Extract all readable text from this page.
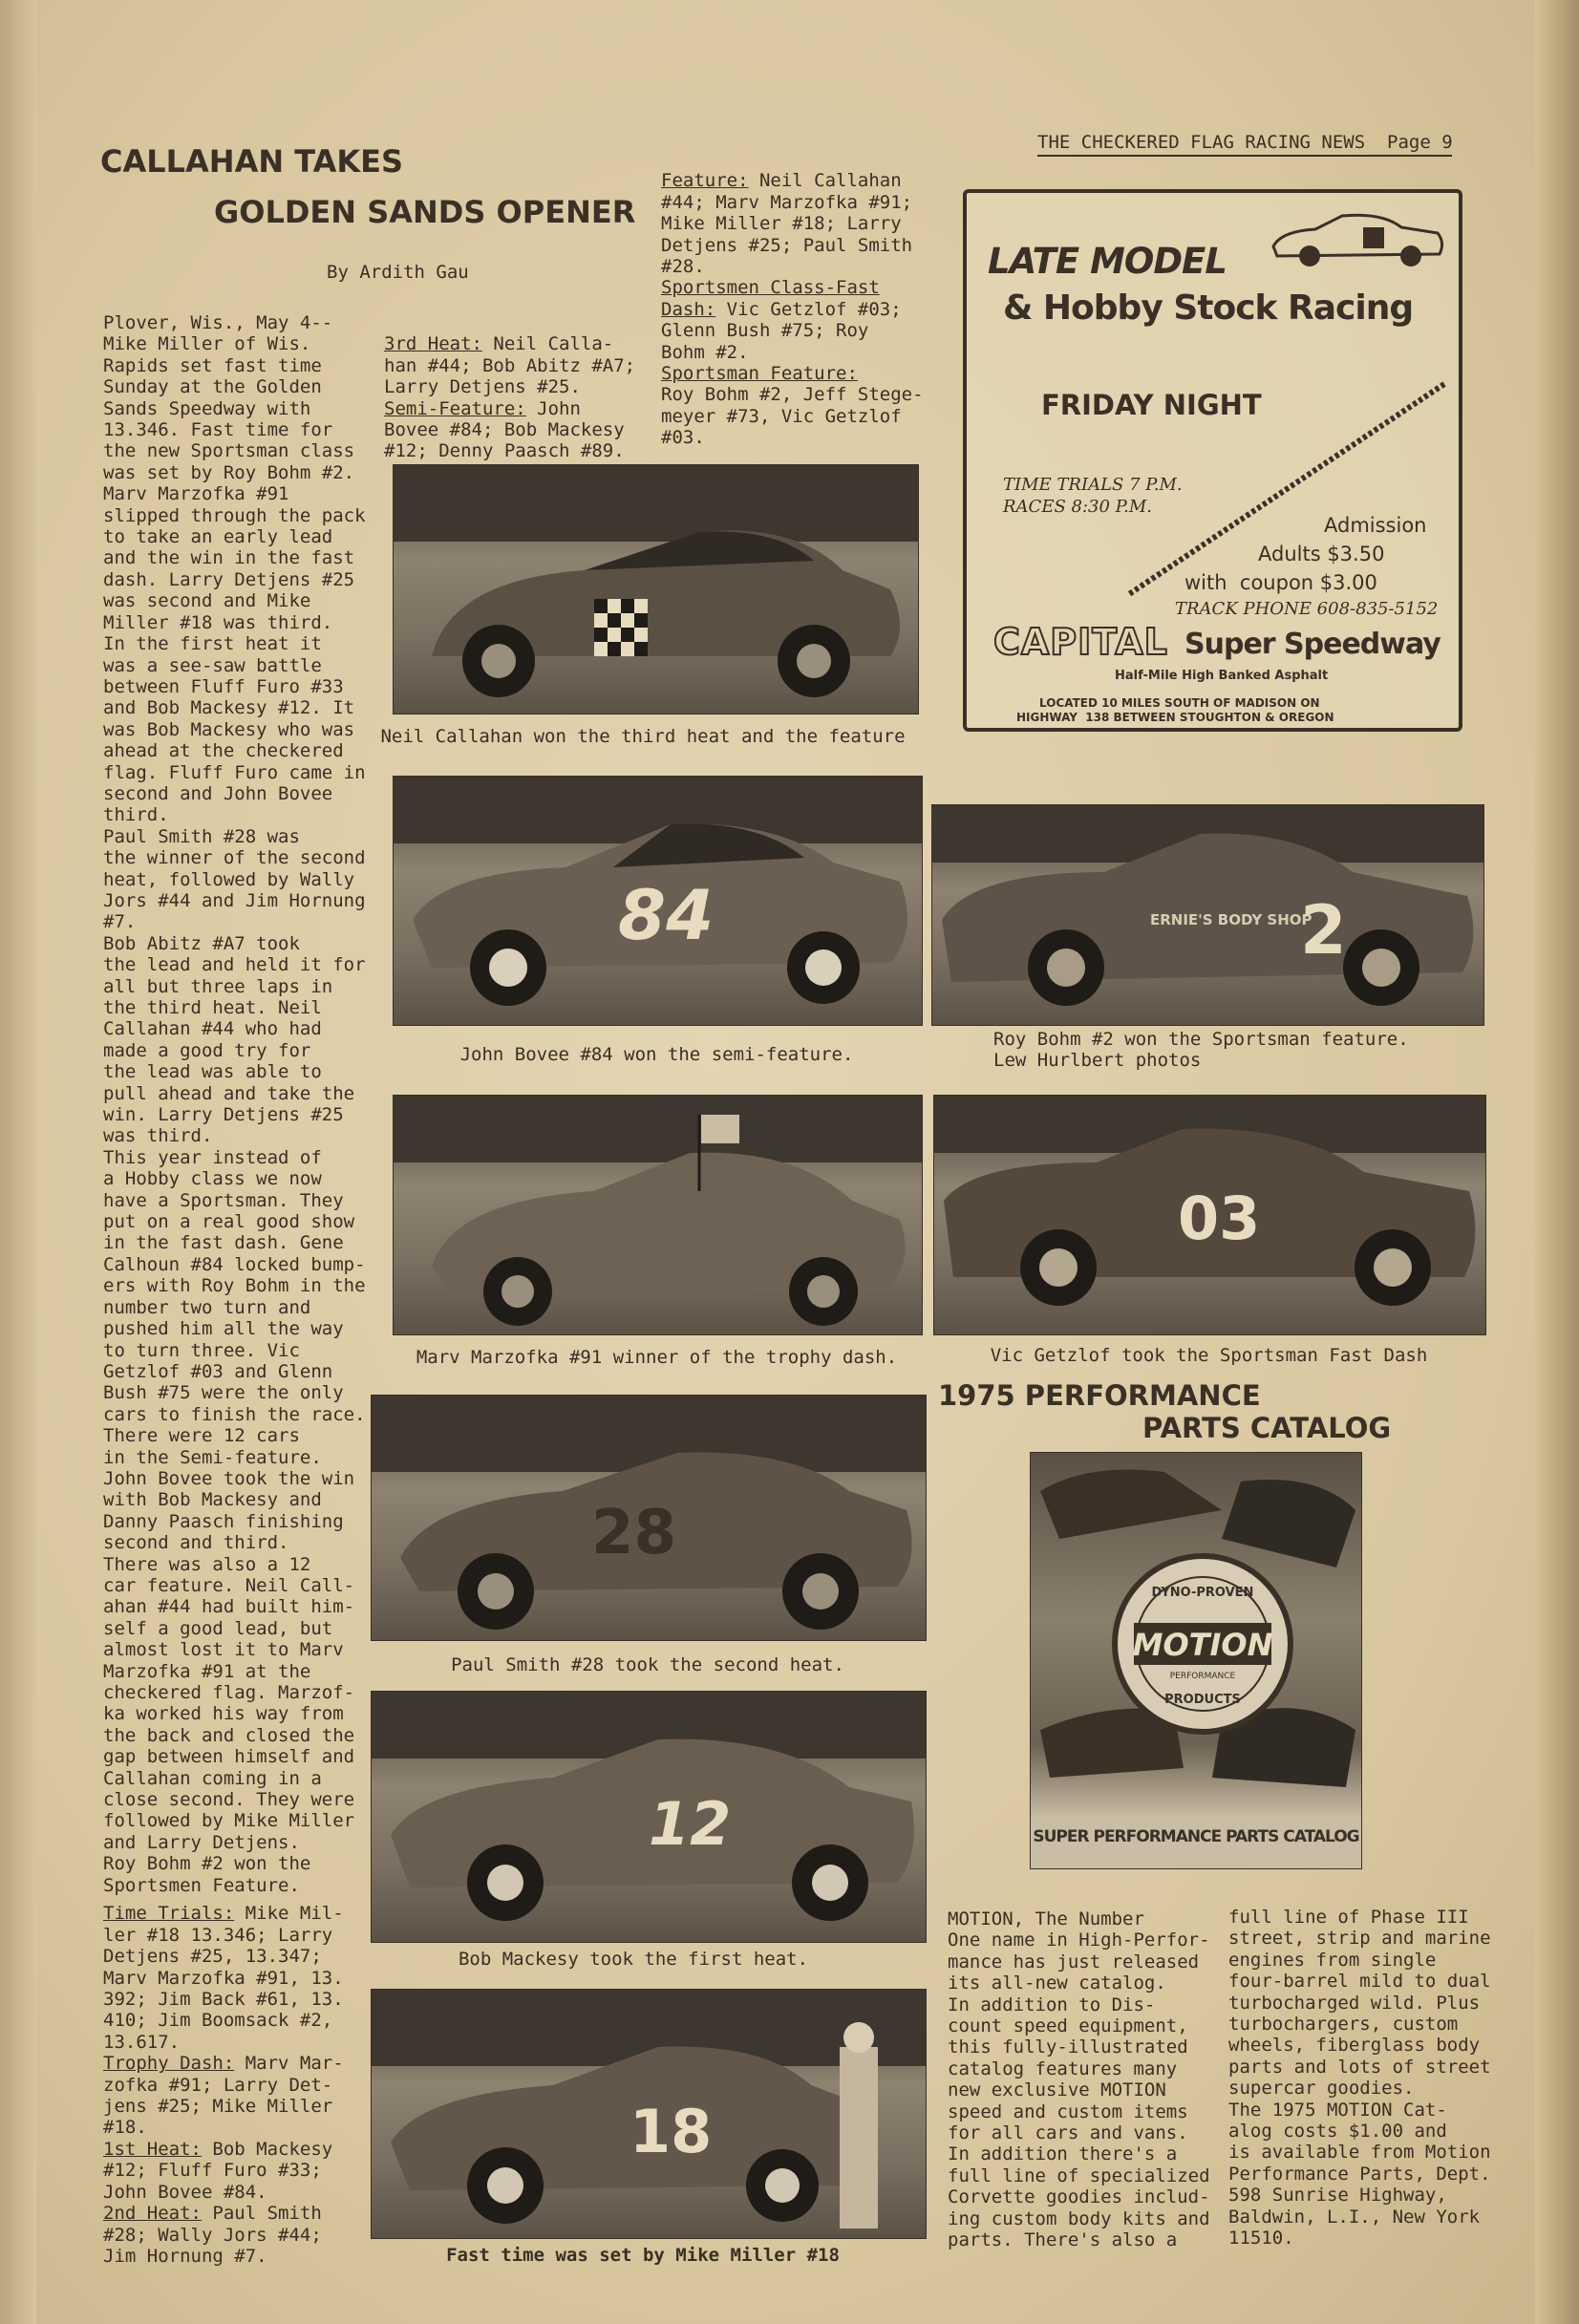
THE CHECKERED FLAG RACING NEWS  Page 9
CALLAHAN TAKES
GOLDEN SANDS OPENER
By Ardith Gau
Plover, Wis., May 4--
Mike Miller of Wis.
Rapids set fast time
Sunday at the Golden
Sands Speedway with
13.346. Fast time for
the new Sportsman class
was set by Roy Bohm #2.
Marv Marzofka #91
slipped through the pack
to take an early lead
and the win in the fast
dash. Larry Detjens #25
was second and Mike
Miller #18 was third.
In the first heat it
was a see-saw battle
between Fluff Furo #33
and Bob Mackesy #12. It
was Bob Mackesy who was
ahead at the checkered
flag. Fluff Furo came in
second and John Bovee
third.
Paul Smith #28 was
the winner of the second
heat, followed by Wally
Jors #44 and Jim Hornung
#7.
Bob Abitz #A7 took
the lead and held it for
all but three laps in
the third heat. Neil
Callahan #44 who had
made a good try for
the lead was able to
pull ahead and take the
win. Larry Detjens #25
was third.
This year instead of
a Hobby class we now
have a Sportsman. They
put on a real good show
in the fast dash. Gene
Calhoun #84 locked bump-
ers with Roy Bohm in the
number two turn and
pushed him all the way
to turn three. Vic
Getzlof #03 and Glenn
Bush #75 were the only
cars to finish the race.
There were 12 cars
in the Semi-feature.
John Bovee took the win
with Bob Mackesy and
Danny Paasch finishing
second and third.
There was also a 12
car feature. Neil Call-
ahan #44 had built him-
self a good lead, but
almost lost it to Marv
Marzofka #91 at the
checkered flag. Marzof-
ka worked his way from
the back and closed the
gap between himself and
Callahan coming in a
close second. They were
followed by Mike Miller
and Larry Detjens.
Roy Bohm #2 won the
Sportsmen Feature.

Time Trials: Mike Mil-
ler #18 13.346; Larry
Detjens #25, 13.347;
Marv Marzofka #91, 13.
392; Jim Back #61, 13.
410; Jim Boomsack #2,
13.617.
Trophy Dash: Marv Mar-
zofka #91; Larry Det-
jens #25; Mike Miller
#18.
1st Heat: Bob Mackesy
#12; Fluff Furo #33;
John Bovee #84.
2nd Heat: Paul Smith
#28; Wally Jors #44;
Jim Hornung #7.

3rd Heat: Neil Calla-
han #44; Bob Abitz #A7;
Larry Detjens #25.
Semi-Feature: John
Bovee #84; Bob Mackesy
#12; Denny Paasch #89.

Feature: Neil Callahan
#44; Marv Marzofka #91;
Mike Miller #18; Larry
Detjens #25; Paul Smith
#28.
Sportsmen Class-Fast
Dash: Vic Getzlof #03;
Glenn Bush #75; Roy
Bohm #2.
Sportsman Feature:
Roy Bohm #2, Jeff Stege-
meyer #73, Vic Getzlof
#03.

Neil Callahan won the third heat and the feature
84
John Bovee #84 won the semi-feature.
ERNIE'S BODY SHOP
2
Roy Bohm #2 won the Sportsman feature.
Lew Hurlbert photos
Marv Marzofka #91 winner of the trophy dash.
03
Vic Getzlof took the Sportsman Fast Dash
28
Paul Smith #28 took the second heat.
12
Bob Mackesy took the first heat.
18
Fast time was set by Mike Miller #18
LATE MODEL
& Hobby Stock Racing
FRIDAY NIGHT
TIME TRIALS 7 P.M.
RACES 8:30 P.M.
Admission
Adults $3.50
with  coupon $3.00
TRACK PHONE 608-835-5152
CAPITAL Super Speedway
Half-Mile High Banked Asphalt
LOCATED 10 MILES SOUTH OF MADISON ON
HIGHWAY  138 BETWEEN STOUGHTON & OREGON
1975 PERFORMANCE
PARTS CATALOG
DYNO-PROVEN
MOTION
PERFORMANCE
PRODUCTS
SUPER PERFORMANCE PARTS CATALOG
MOTION, The Number
One name in High-Perfor-
mance has just released
its all-new catalog.
In addition to Dis-
count speed equipment,
this fully-illustrated
catalog features many
new exclusive MOTION
speed and custom items
for all cars and vans.
In addition there's a
full line of specialized
Corvette goodies includ-
ing custom body kits and
parts. There's also a
full line of Phase III
street, strip and marine
engines from single
four-barrel mild to dual
turbocharged wild. Plus
turbochargers, custom
wheels, fiberglass body
parts and lots of street
supercar goodies.
The 1975 MOTION Cat-
alog costs $1.00 and
is available from Motion
Performance Parts, Dept.
598 Sunrise Highway,
Baldwin, L.I., New York
11510.
